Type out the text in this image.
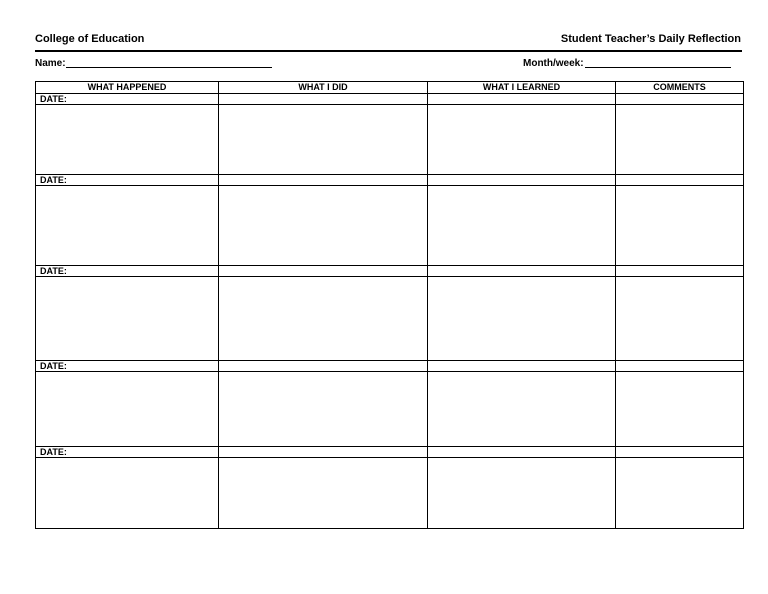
College of Education	Student Teacher’s Daily Reflection
Name:	Month/week:
WHAT HAPPENED	WHAT I DID	WHAT I LEARNED	COMMENTS

DATE:			

DATE:			

DATE:			

DATE:			

DATE:			
